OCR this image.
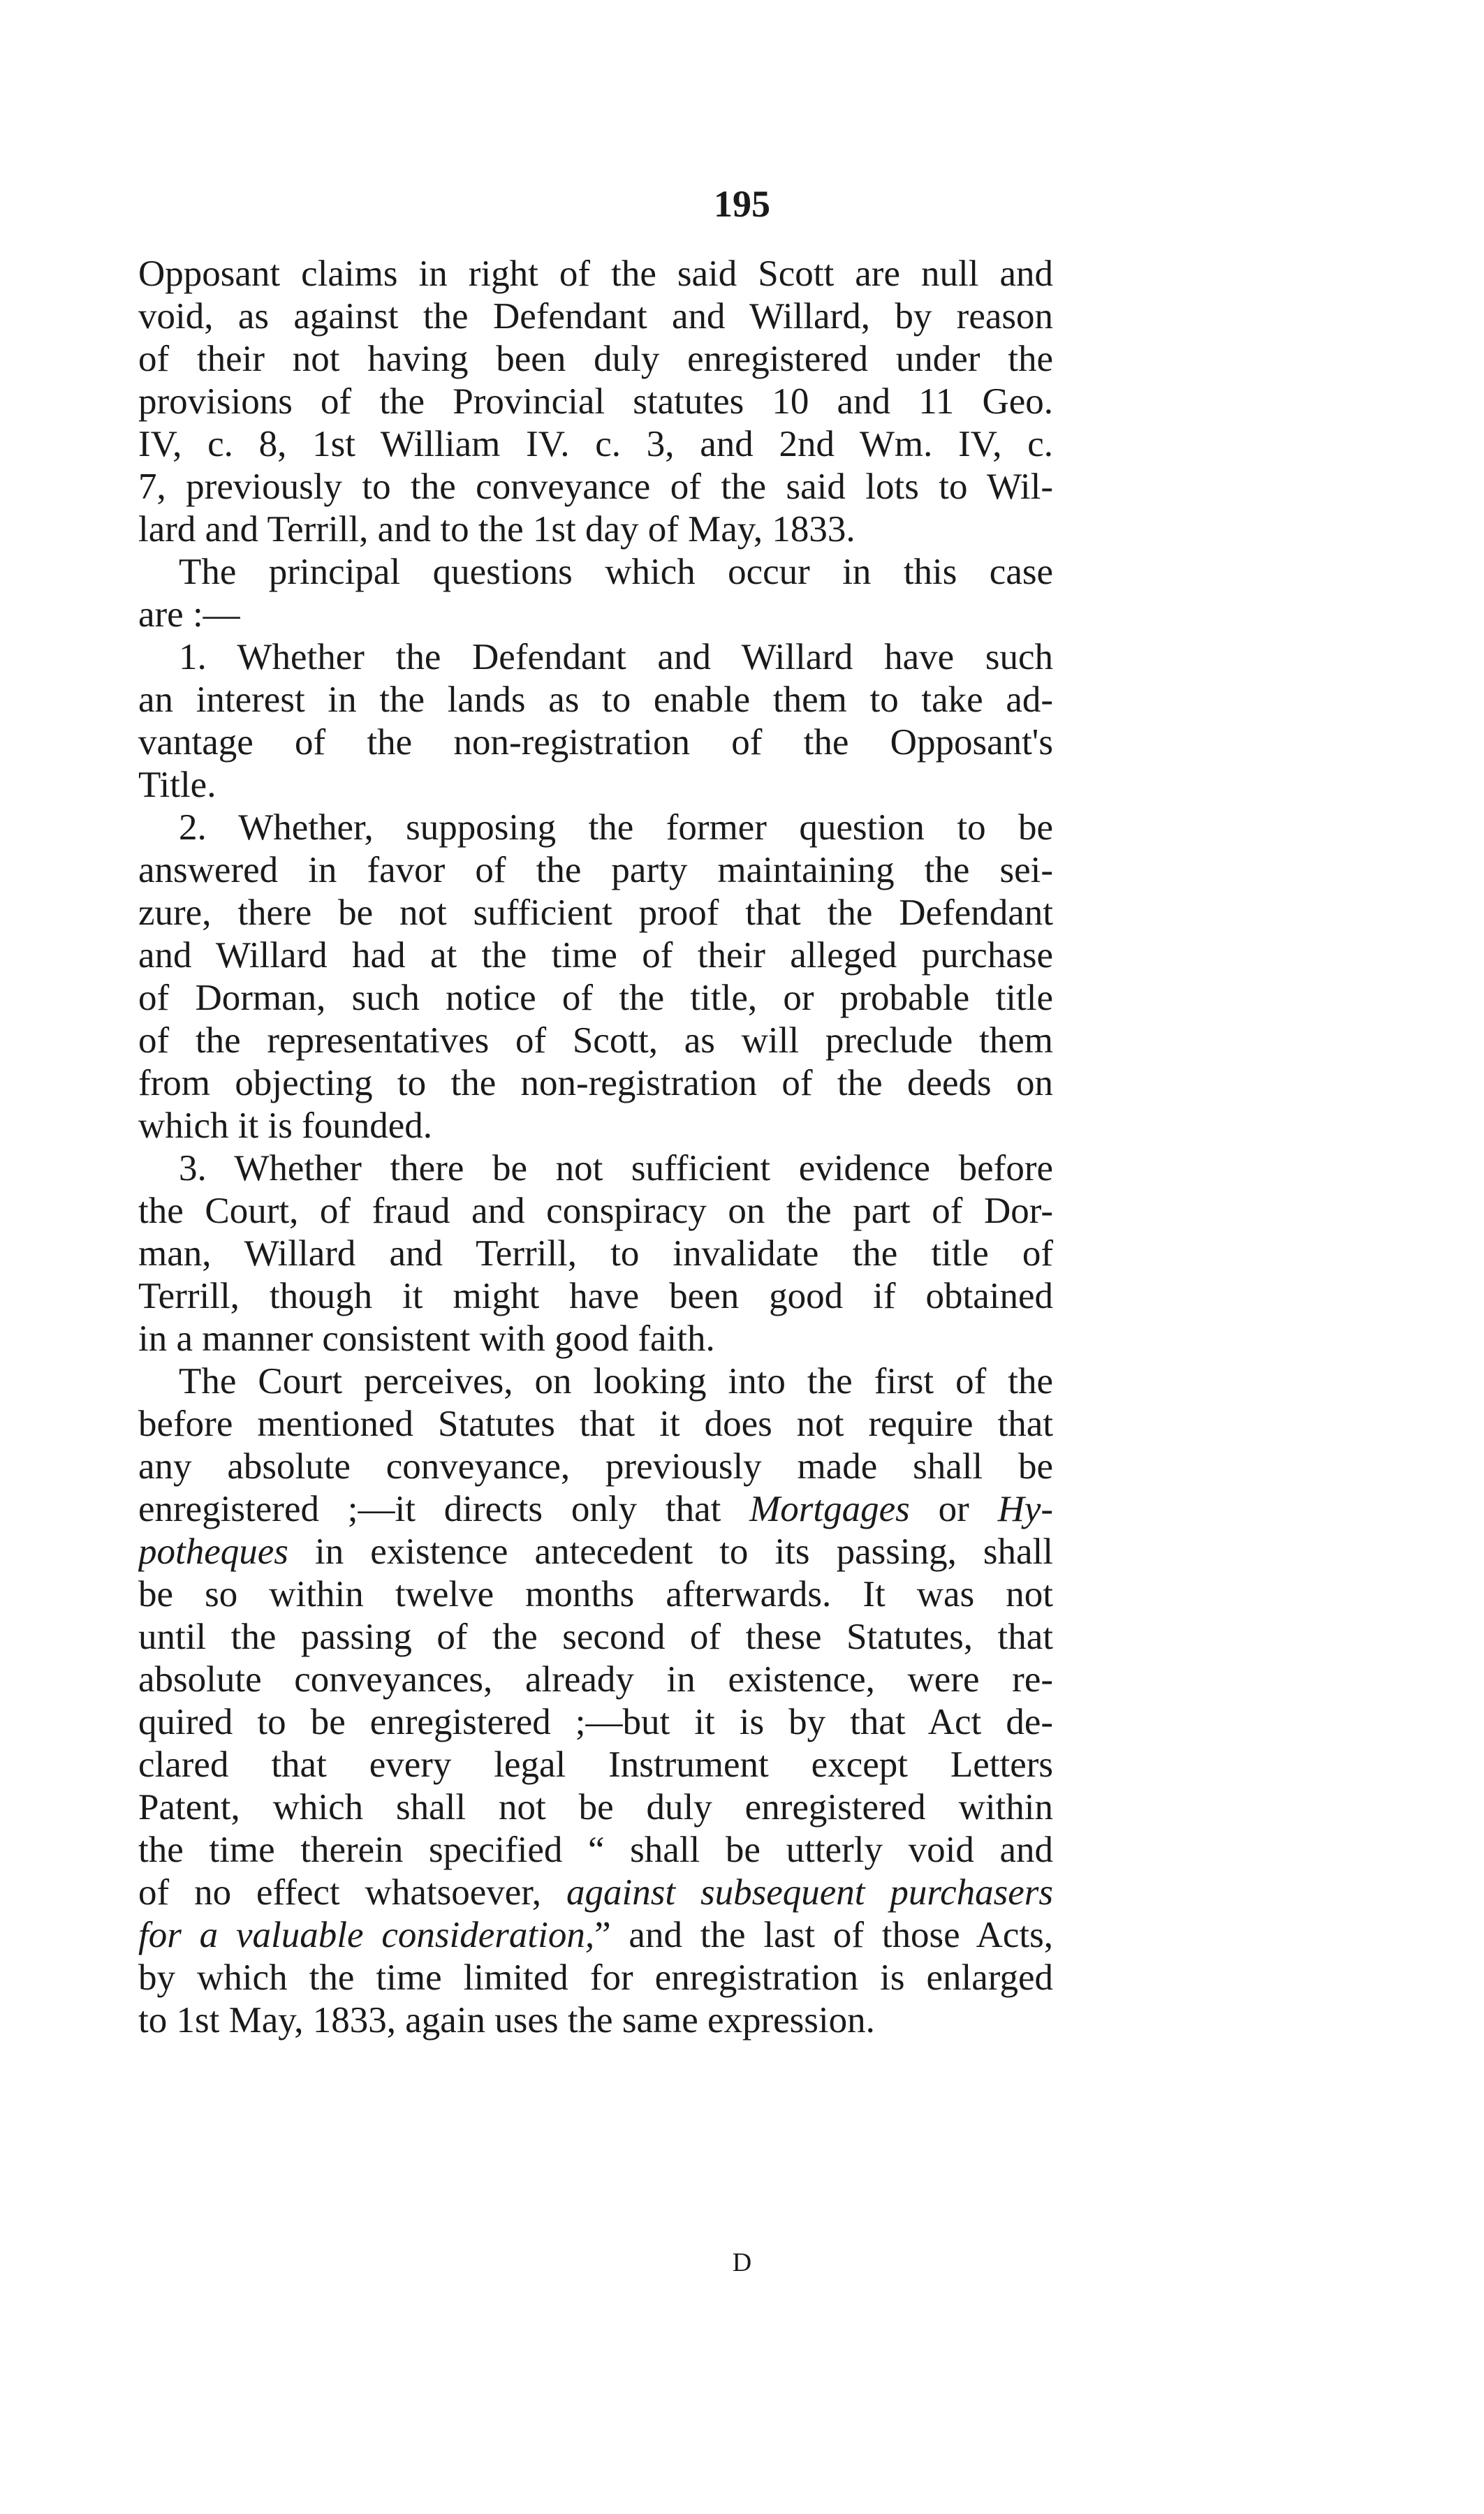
195
Opposant claims in right of the said Scott are null and
void, as against the Defendant and Willard, by reason
of their not having been duly enregistered under the
provisions of the Provincial statutes 10 and 11 Geo.
IV, c. 8, 1st William IV. c. 3, and 2nd Wm. IV, c.
7, previously to the conveyance of the said lots to Wil-
lard and Terrill, and to the 1st day of May, 1833.
The principal questions which occur in this case
are :—
1. Whether the Defendant and Willard have such
an interest in the lands as to enable them to take ad-
vantage of the non-registration of the Opposant's
Title.
2. Whether, supposing the former question to be
answered in favor of the party maintaining the sei-
zure, there be not sufficient proof that the Defendant
and Willard had at the time of their alleged purchase
of Dorman, such notice of the title, or probable title
of the representatives of Scott, as will preclude them
from objecting to the non-registration of the deeds on
which it is founded.
3. Whether there be not sufficient evidence before
the Court, of fraud and conspiracy on the part of Dor-
man, Willard and Terrill, to invalidate the title of
Terrill, though it might have been good if obtained
in a manner consistent with good faith.
The Court perceives, on looking into the first of the
before mentioned Statutes that it does not require that
any absolute conveyance, previously made shall be
enregistered ;—it directs only that Mortgages or Hy-
potheques in existence antecedent to its passing, shall
be so within twelve months afterwards. It was not
until the passing of the second of these Statutes, that
absolute conveyances, already in existence, were re-
quired to be enregistered ;—but it is by that Act de-
clared that every legal Instrument except Letters
Patent, which shall not be duly enregistered within
the time therein specified “ shall be utterly void and
of no effect whatsoever, against subsequent purchasers
for a valuable consideration,” and the last of those Acts,
by which the time limited for enregistration is enlarged
to 1st May, 1833, again uses the same expression.
D
